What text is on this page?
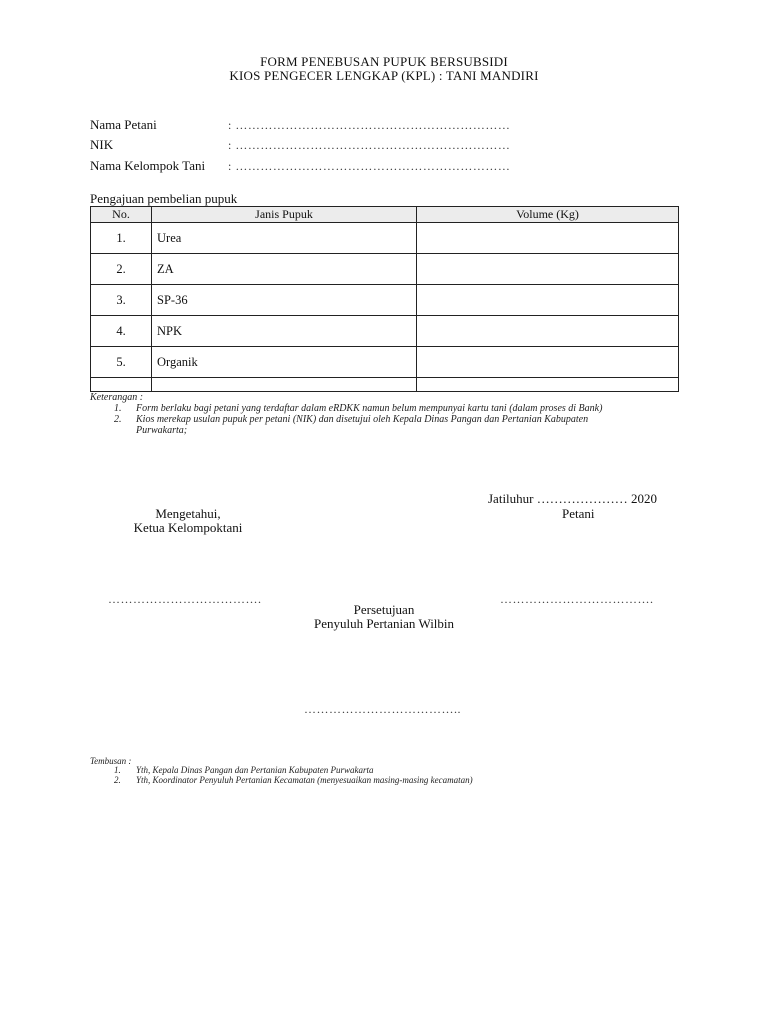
FORM PENEBUSAN PUPUK BERSUBSIDI
KIOS PENGECER LENGKAP (KPL) : TANI MANDIRI
Nama Petani	: …………………………………………………………
NIK	: …………………………………………………………
Nama Kelompok Tani : …………………………………………………………
Pengajuan pembelian pupuk
No.	Janis Pupuk	Volume (Kg)
1.	Urea	
2.	ZA	
3.	SP-36	
4.	NPK	
5.	Organik	

Keterangan :
1. Form berlaku bagi petani yang terdaftar dalam eRDKK namun belum mempunyai kartu tani (dalam proses di Bank)
2. Kios merekap usulan pupuk per petani (NIK) dan disetujui oleh Kepala Dinas Pangan dan Pertanian Kabupaten
Purwakarta;
Jatiluhur ………………… 2020
Mengetahui,
Ketua Kelompoktani
Petani
……………………………….	……………………………….
Persetujuan
Penyuluh Pertanian Wilbin
………………………………..
Tembusan :
1. Yth, Kepala Dinas Pangan dan Pertanian Kabupaten Purwakarta
2. Yth, Koordinator Penyuluh Pertanian Kecamatan (menyesuaikan masing-masing kecamatan)
